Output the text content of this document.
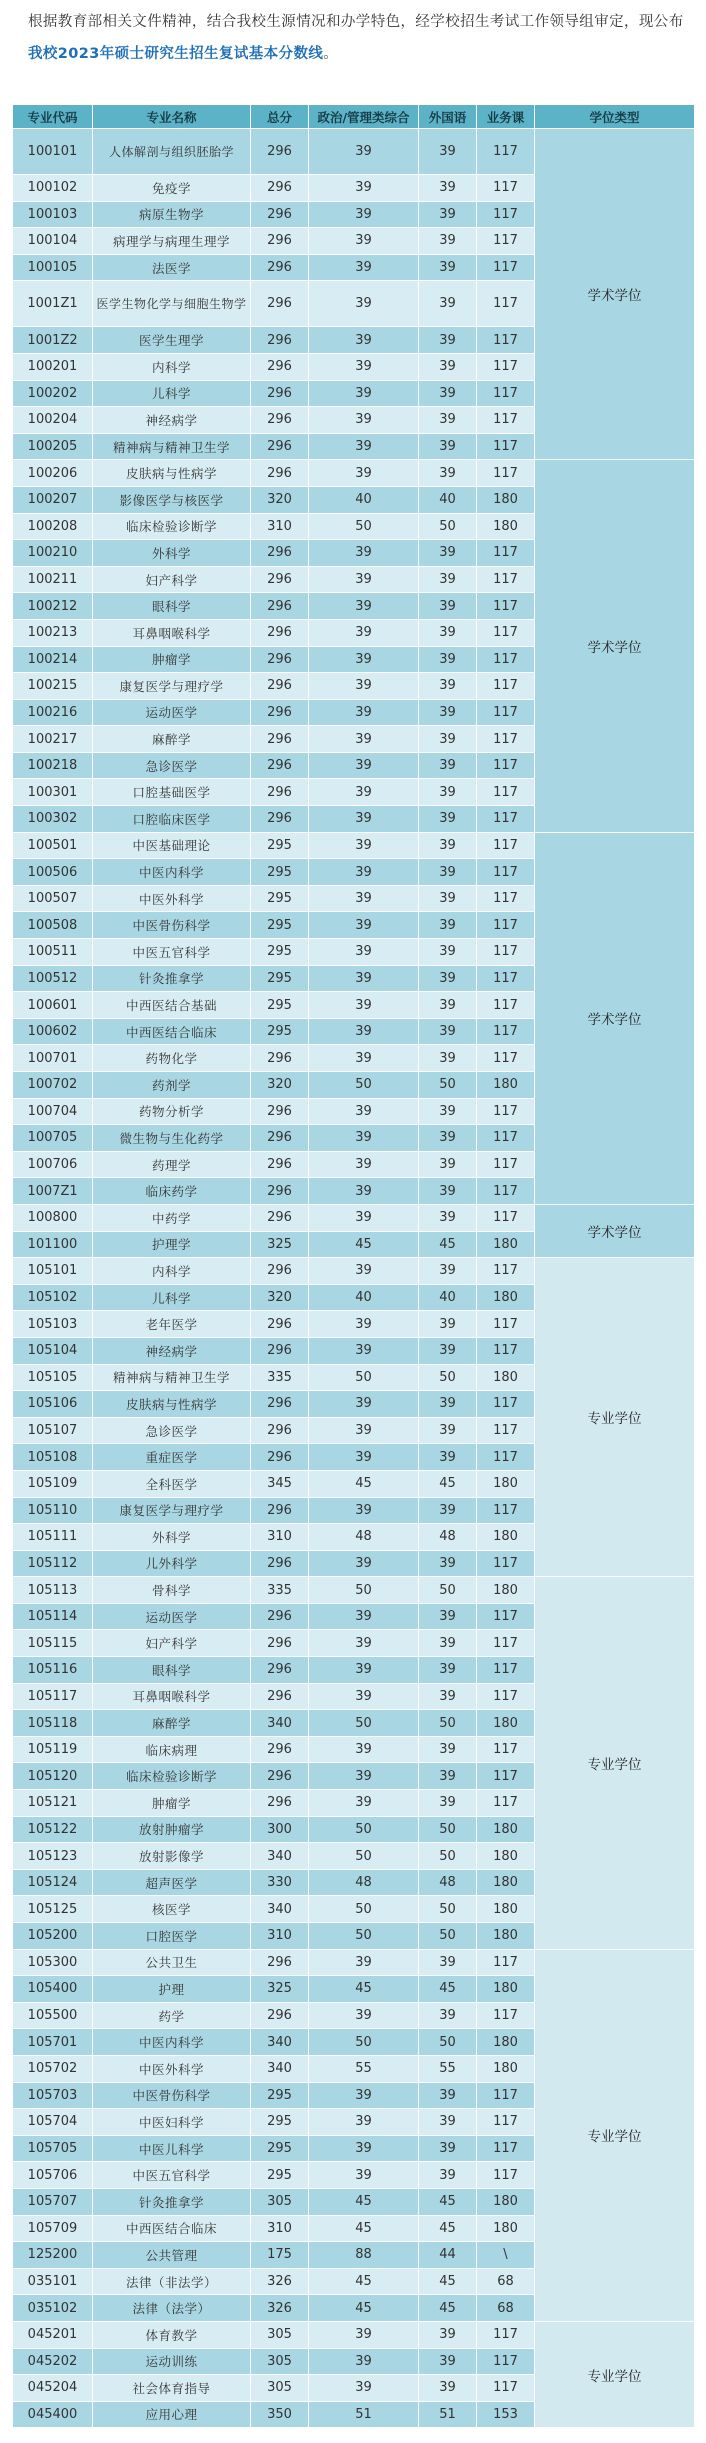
根据教育部相关文件精神，结合我校生源情况和办学特色，经学校招生考试工作领导组审定，现公布我校2023年硕士研究生招生复试基本分数线。

专业代码	专业名称	总分	政治/管理类综合	外国语	业务课	学位类型
100101	人体解剖与组织胚胎学	296	39	39	117	学术学位
100102	免疫学	296	39	39	117	
100103	病原生物学	296	39	39	117	
100104	病理学与病理生理学	296	39	39	117	
100105	法医学	296	39	39	117	
1001Z1	医学生物化学与细胞生物学	296	39	39	117	
1001Z2	医学生理学	296	39	39	117	
100201	内科学	296	39	39	117	
100202	儿科学	296	39	39	117	
100204	神经病学	296	39	39	117	
100205	精神病与精神卫生学	296	39	39	117	
100206	皮肤病与性病学	296	39	39	117	学术学位
100207	影像医学与核医学	320	40	40	180	
100208	临床检验诊断学	310	50	50	180	
100210	外科学	296	39	39	117	
100211	妇产科学	296	39	39	117	
100212	眼科学	296	39	39	117	
100213	耳鼻咽喉科学	296	39	39	117	
100214	肿瘤学	296	39	39	117	
100215	康复医学与理疗学	296	39	39	117	
100216	运动医学	296	39	39	117	
100217	麻醉学	296	39	39	117	
100218	急诊医学	296	39	39	117	
100301	口腔基础医学	296	39	39	117	
100302	口腔临床医学	296	39	39	117	
100501	中医基础理论	295	39	39	117	学术学位
100506	中医内科学	295	39	39	117	
100507	中医外科学	295	39	39	117	
100508	中医骨伤科学	295	39	39	117	
100511	中医五官科学	295	39	39	117	
100512	针灸推拿学	295	39	39	117	
100601	中西医结合基础	295	39	39	117	
100602	中西医结合临床	295	39	39	117	
100701	药物化学	296	39	39	117	
100702	药剂学	320	50	50	180	
100704	药物分析学	296	39	39	117	
100705	微生物与生化药学	296	39	39	117	
100706	药理学	296	39	39	117	
1007Z1	临床药学	296	39	39	117	
100800	中药学	296	39	39	117	学术学位
101100	护理学	325	45	45	180	
105101	内科学	296	39	39	117	专业学位
105102	儿科学	320	40	40	180	
105103	老年医学	296	39	39	117	
105104	神经病学	296	39	39	117	
105105	精神病与精神卫生学	335	50	50	180	
105106	皮肤病与性病学	296	39	39	117	
105107	急诊医学	296	39	39	117	
105108	重症医学	296	39	39	117	
105109	全科医学	345	45	45	180	
105110	康复医学与理疗学	296	39	39	117	
105111	外科学	310	48	48	180	
105112	儿外科学	296	39	39	117	
105113	骨科学	335	50	50	180	专业学位
105114	运动医学	296	39	39	117	
105115	妇产科学	296	39	39	117	
105116	眼科学	296	39	39	117	
105117	耳鼻咽喉科学	296	39	39	117	
105118	麻醉学	340	50	50	180	
105119	临床病理	296	39	39	117	
105120	临床检验诊断学	296	39	39	117	
105121	肿瘤学	296	39	39	117	
105122	放射肿瘤学	300	50	50	180	
105123	放射影像学	340	50	50	180	
105124	超声医学	330	48	48	180	
105125	核医学	340	50	50	180	
105200	口腔医学	310	50	50	180	
105300	公共卫生	296	39	39	117	专业学位
105400	护理	325	45	45	180	
105500	药学	296	39	39	117	
105701	中医内科学	340	50	50	180	
105702	中医外科学	340	55	55	180	
105703	中医骨伤科学	295	39	39	117	
105704	中医妇科学	295	39	39	117	
105705	中医儿科学	295	39	39	117	
105706	中医五官科学	295	39	39	117	
105707	针灸推拿学	305	45	45	180	
105709	中西医结合临床	310	45	45	180	
125200	公共管理	175	88	44	\	
035101	法律（非法学）	326	45	45	68	
035102	法律（法学）	326	45	45	68	
045201	体育教学	305	39	39	117	专业学位
045202	运动训练	305	39	39	117	
045204	社会体育指导	305	39	39	117	
045400	应用心理	350	51	51	153	
